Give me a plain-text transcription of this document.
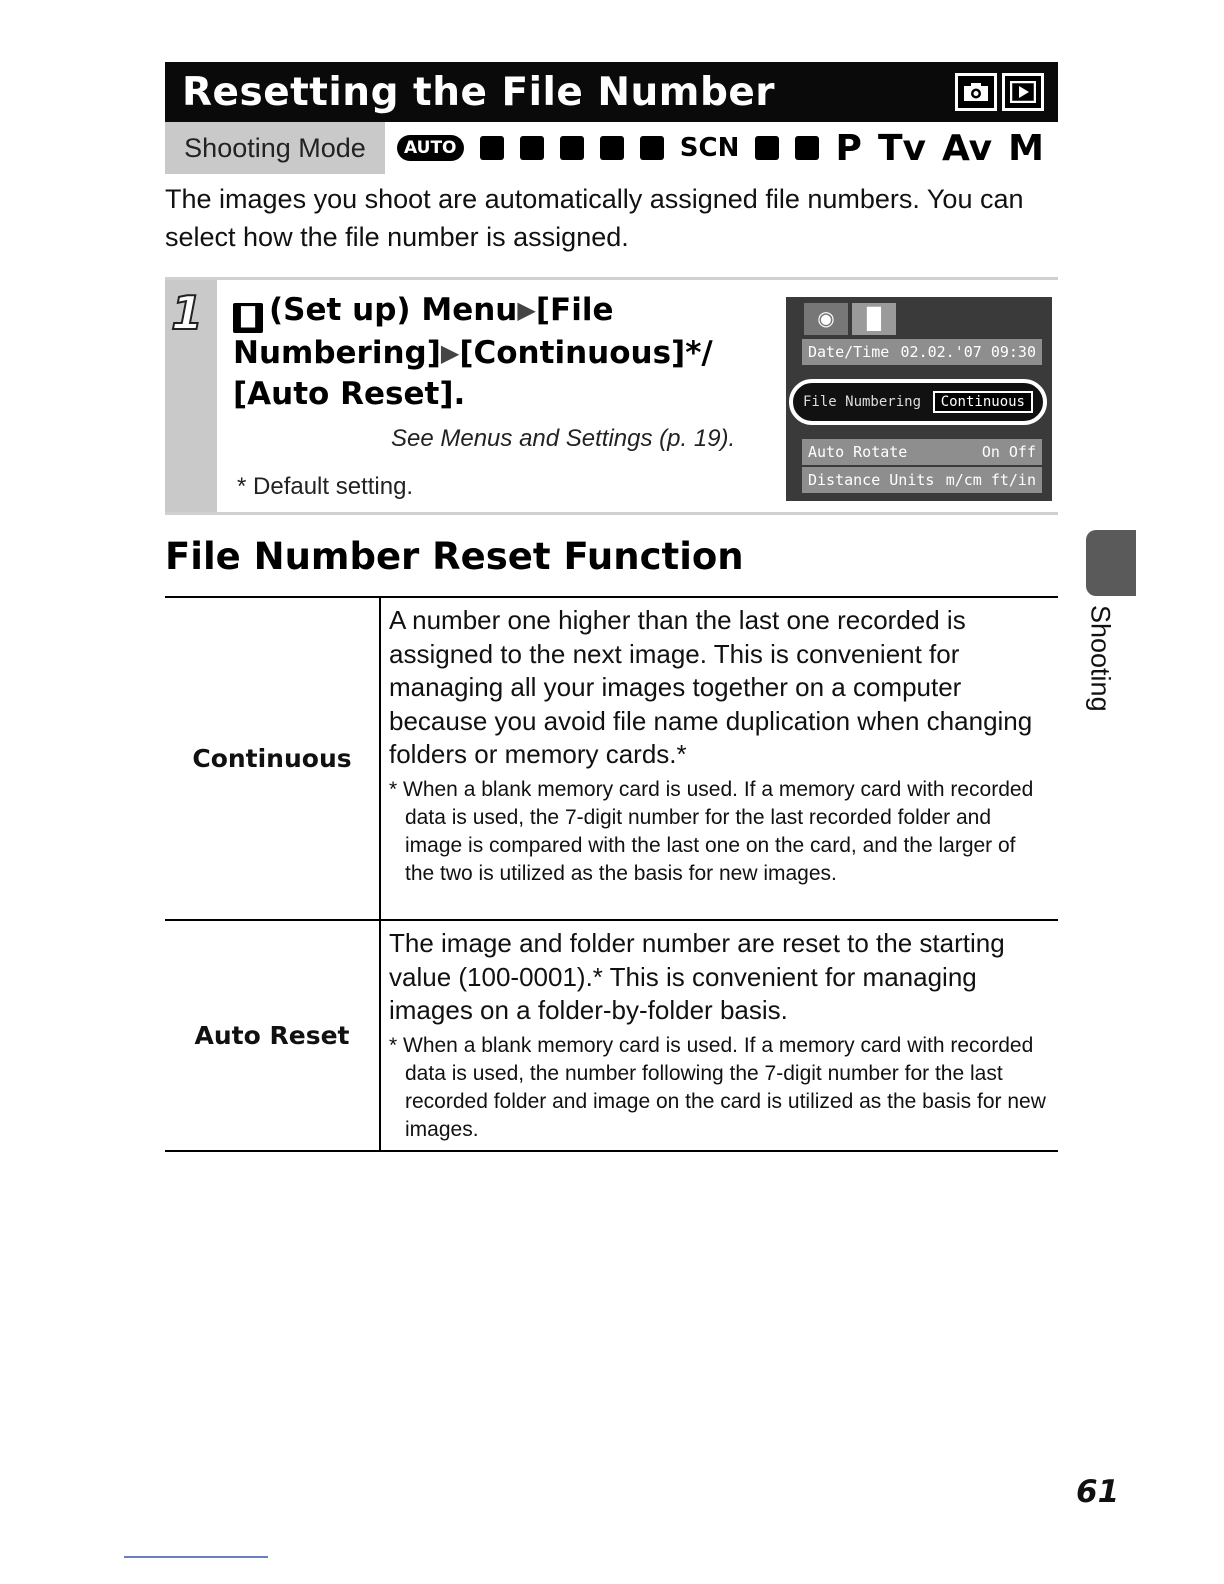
Resetting the File Number
Shooting Mode	AUTO	SCN	P Tv Av M

The images you shoot are automatically assigned file numbers. You can select how the file number is assigned.

1	█ (Set up) Menu▶[File Numbering]▶[Continuous]*/ [Auto Reset].
See Menus and Settings (p. 19).
* Default setting.
◉	█
Date/Time 02.02.'07 09:30
File Numbering	Continuous
Auto Rotate	On Off
Distance Units m/cm ft/in
File Number Reset Function
Continuous	A number one higher than the last one recorded is assigned to the next image. This is convenient for managing all your images together on a computer because you avoid file name duplication when changing folders or memory cards.*
* When a blank memory card is used. If a memory card with recorded data is used, the 7-digit number for the last recorded folder and image is compared with the last one on the card, and the larger of the two is utilized as the basis for new images.

Auto Reset	The image and folder number are reset to the starting value (100-0001).* This is convenient for managing images on a folder-by-folder basis.
* When a blank memory card is used. If a memory card with recorded data is used, the number following the 7-digit number for the last recorded folder and image on the card is utilized as the basis for new images.
Shooting
61
